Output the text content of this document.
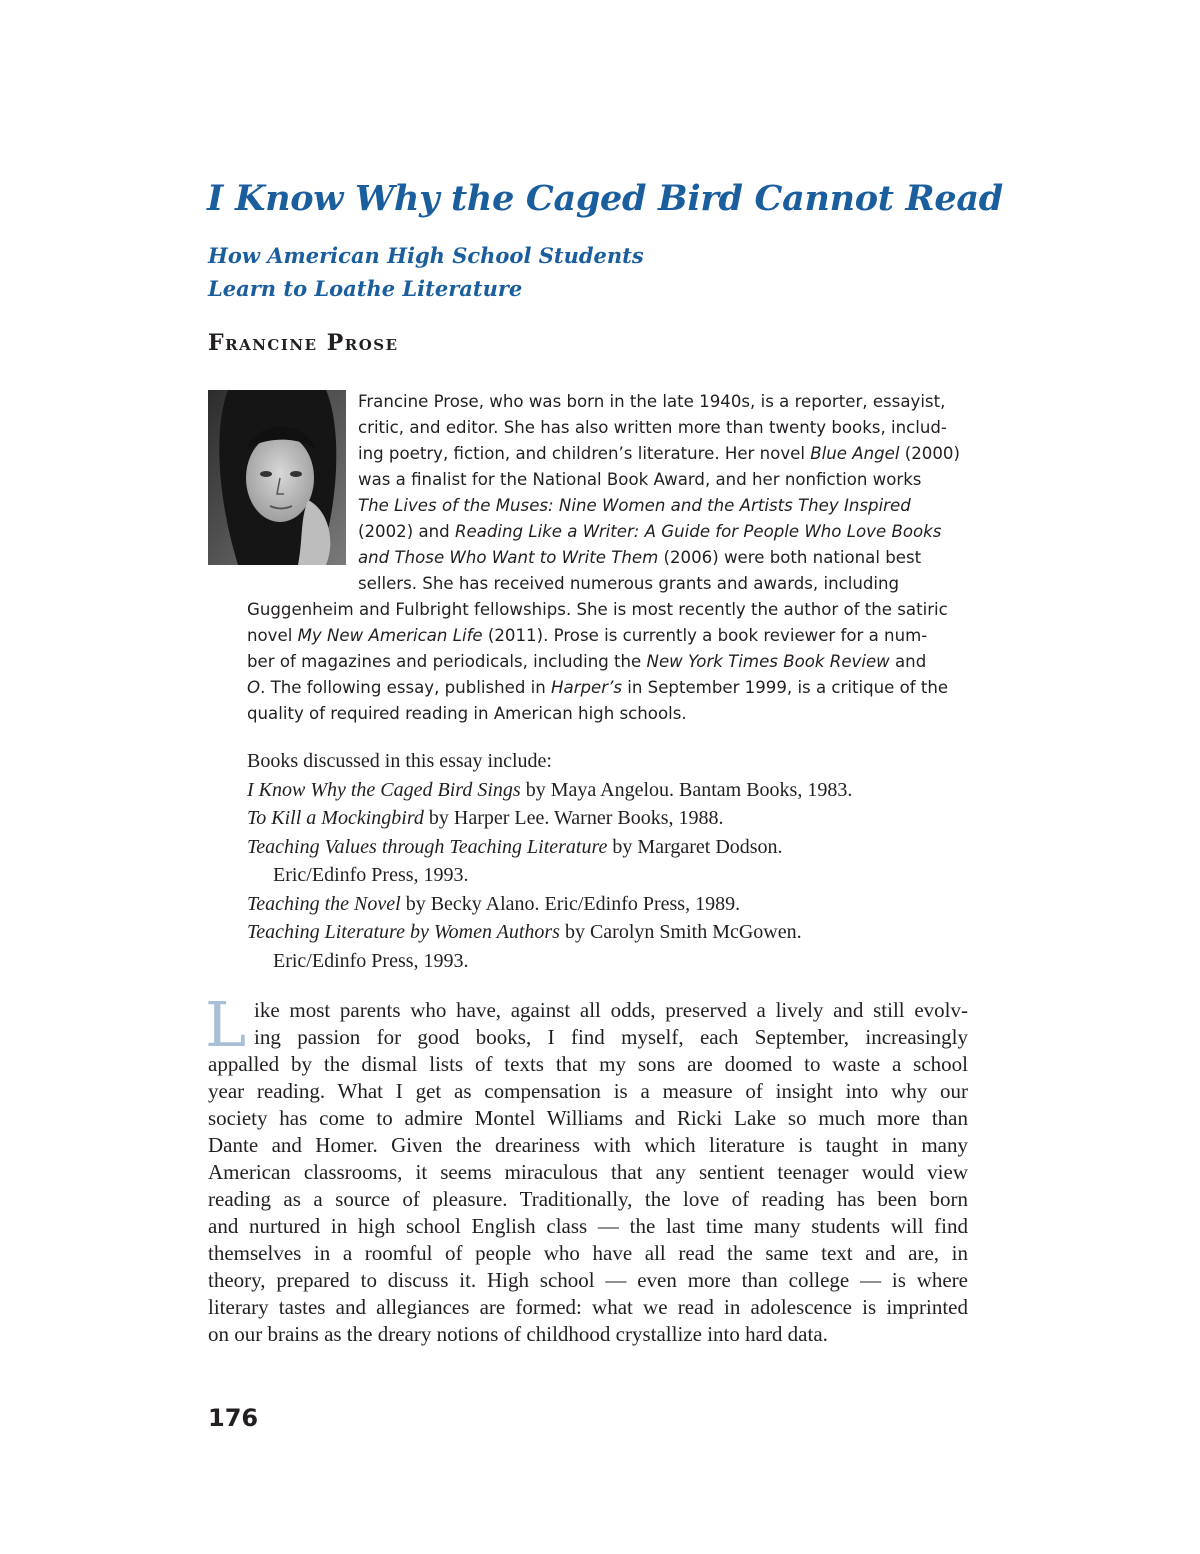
I Know Why the Caged Bird Cannot Read
How American High School Students
Learn to Loathe Literature
Francine Prose
Francine Prose, who was born in the late 1940s, is a reporter, essayist,
critic, and editor. She has also written more than twenty books, includ-
ing poetry, fiction, and children’s literature. Her novel Blue Angel (2000)
was a finalist for the National Book Award, and her nonfiction works
The Lives of the Muses: Nine Women and the Artists They Inspired
(2002) and Reading Like a Writer: A Guide for People Who Love Books
and Those Who Want to Write Them (2006) were both national best
sellers. She has received numerous grants and awards, including
Guggenheim and Fulbright fellowships. She is most recently the author of the satiric
novel My New American Life (2011). Prose is currently a book reviewer for a num-
ber of magazines and periodicals, including the New York Times Book Review and
O. The following essay, published in Harper’s in September 1999, is a critique of the
quality of required reading in American high schools.
Books discussed in this essay include:
I Know Why the Caged Bird Sings by Maya Angelou. Bantam Books, 1983.
To Kill a Mockingbird by Harper Lee. Warner Books, 1988.
Teaching Values through Teaching Literature by Margaret Dodson.
Eric/Edinfo Press, 1993.
Teaching the Novel by Becky Alano. Eric/Edinfo Press, 1989.
Teaching Literature by Women Authors by Carolyn Smith McGowen.
Eric/Edinfo Press, 1993.
L ike most parents who have, against all odds, preserved a lively and still evolv-
ing passion for good books, I find myself, each September, increasingly
appalled by the dismal lists of texts that my sons are doomed to waste a school
year reading. What I get as compensation is a measure of insight into why our
society has come to admire Montel Williams and Ricki Lake so much more than
Dante and Homer. Given the dreariness with which literature is taught in many
American classrooms, it seems miraculous that any sentient teenager would view
reading as a source of pleasure. Traditionally, the love of reading has been born
and nurtured in high school English class — the last time many students will find
themselves in a roomful of people who have all read the same text and are, in
theory, prepared to discuss it. High school — even more than college — is where
literary tastes and allegiances are formed: what we read in adolescence is imprinted
on our brains as the dreary notions of childhood crystallize into hard data.
176
